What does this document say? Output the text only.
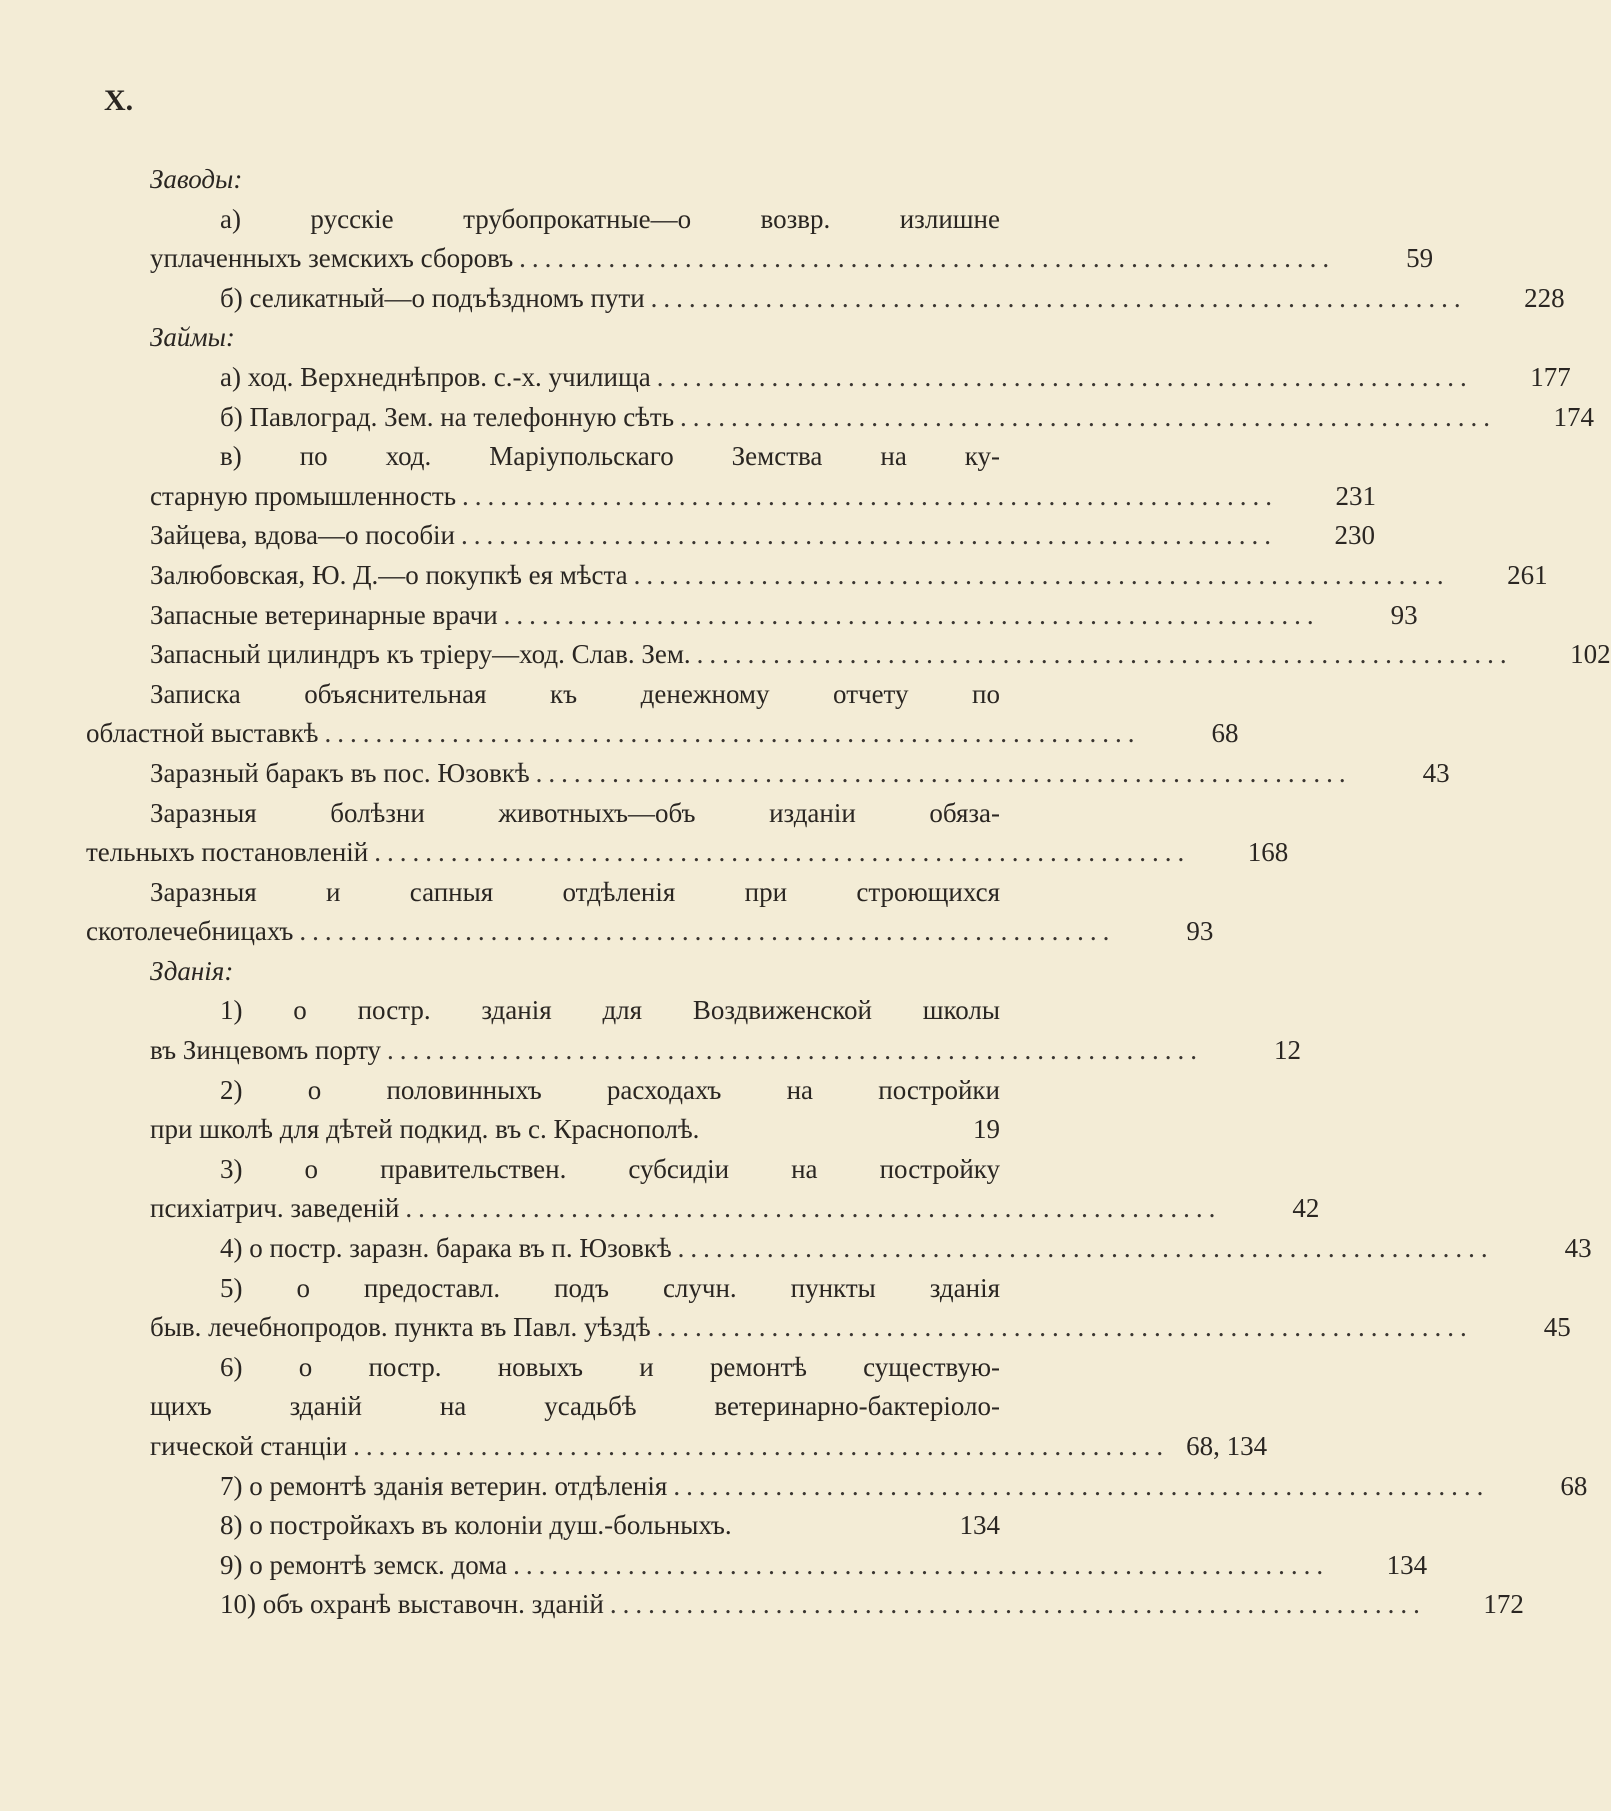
X.
Заводы:
а) русскіе трубопрокатные—о возвр. излишне
уплаченныхъ земскихъ сборовъ ................................................................	59
б) селикатный—о подъѣздномъ пути ................................................................	228
Займы:
а) ход. Верхнеднѣпров. с.-х. училища ................................................................	177
б) Павлоград. Зем. на телефонную сѣть ................................................................	174
в) по ход. Маріупольскаго Земства на ку-
старную промышленность ................................................................	231
Зайцева, вдова—о пособіи ................................................................	230
Залюбовская, Ю. Д.—о покупкѣ ея мѣста ................................................................	261
Запасные ветеринарные врачи ................................................................	93
Запасный цилиндръ къ тріеру—ход. Слав. Зем. ................................................................	102
Записка объяснительная къ денежному отчету по
областной выставкѣ ................................................................	68
Заразный баракъ въ пос. Юзовкѣ ................................................................	43
Заразныя болѣзни животныхъ—объ изданіи обяза-
тельныхъ постановленій ................................................................	168
Заразныя и сапныя отдѣленія при строющихся
скотолечебницахъ ................................................................	93
Зданія:
1) о постр. зданія для Воздвиженской школы
въ Зинцевомъ порту ................................................................	12
2) о половинныхъ расходахъ на постройки
при школѣ для дѣтей подкид. въ с. Краснополѣ.	19
3) о правительствен. субсидіи на постройку
психіатрич. заведеній ................................................................	42
4) о постр. заразн. барака въ п. Юзовкѣ ................................................................	43
5) о предоставл. подъ случн. пункты зданія
быв. лечебнопродов. пункта въ Павл. уѣздѣ ................................................................	45
6) о постр. новыхъ и ремонтѣ существую-
щихъ зданій на усадьбѣ ветеринарно-бактеріоло-
гической станціи ................................................................ 68, 134
7) о ремонтѣ зданія ветерин. отдѣленія ................................................................	68
8) о постройкахъ въ колоніи душ.-больныхъ.	134
9) о ремонтѣ земск. дома ................................................................	134
10) объ охранѣ выставочн. зданій ................................................................	172
